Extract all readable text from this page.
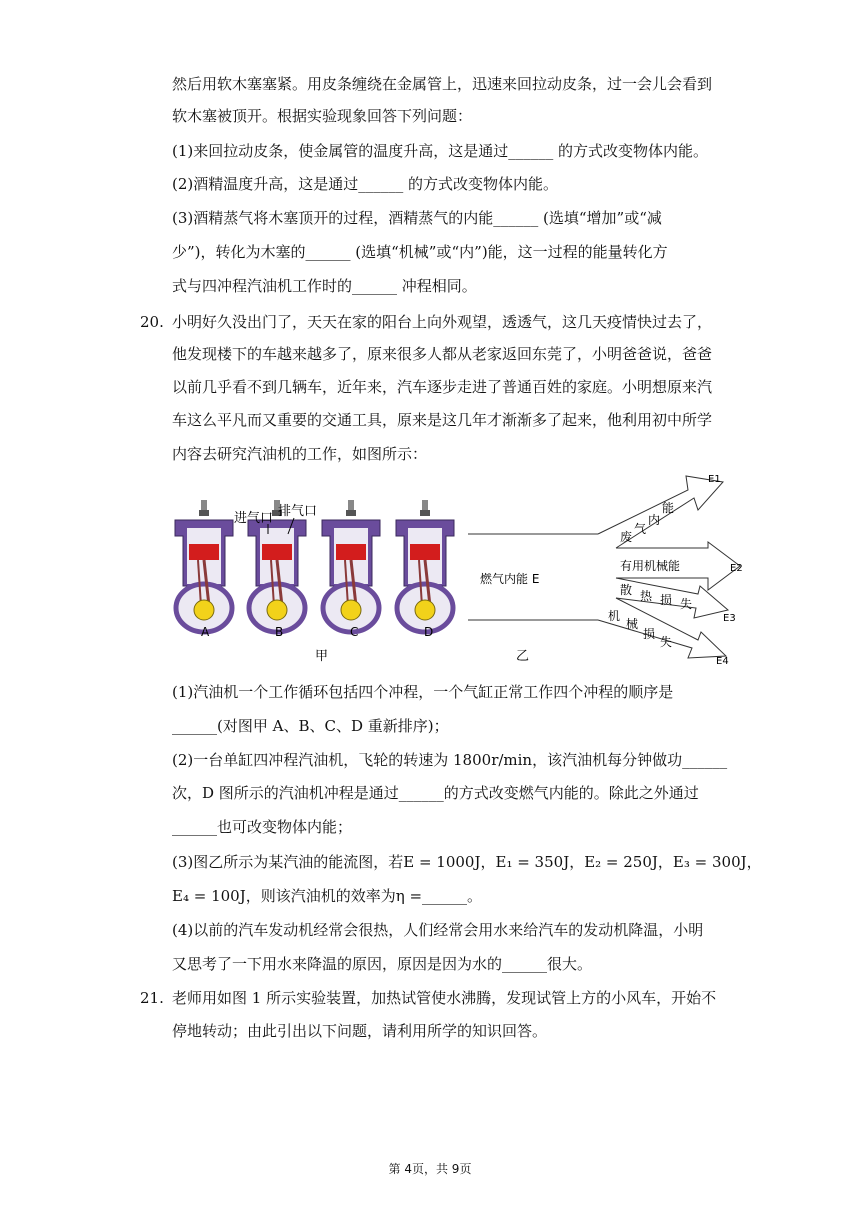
然后用软木塞塞紧。用皮条缠绕在金属管上，迅速来回拉动皮条，过一会儿会看到
软木塞被顶开。根据实验现象回答下列问题：
(1)来回拉动皮条，使金属管的温度升高，这是通过______ 的方式改变物体内能。
(2)酒精温度升高，这是通过______ 的方式改变物体内能。
(3)酒精蒸气将木塞顶开的过程，酒精蒸气的内能______ (选填“增加”或“减
少”)，转化为木塞的______ (选填“机械”或“内”)能，这一过程的能量转化方
式与四冲程汽油机工作时的______ 冲程相同。
20. 小明好久没出门了，天天在家的阳台上向外观望，透透气，这几天疫情快过去了，
他发现楼下的车越来越多了，原来很多人都从老家返回东莞了，小明爸爸说，爸爸
以前几乎看不到几辆车，近年来，汽车逐步走进了普通百姓的家庭。小明想原来汽
车这么平凡而又重要的交通工具，原来是这几年才渐渐多了起来，他利用初中所学
内容去研究汽油机的工作，如图所示：
进气口 排气口
A	B	C	D
甲
燃气内能 E
废
气
内
能
有用机械能
散 热 损 失
机
械
损
失
E1
E2
E3
E4
乙
(1)汽油机一个工作循环包括四个冲程，一个气缸正常工作四个冲程的顺序是
______(对图甲 A、B、C、D 重新排序)；
(2)一台单缸四冲程汽油机，飞轮的转速为 1800r/min，该汽油机每分钟做功______
次，D 图所示的汽油机冲程是通过______的方式改变燃气内能的。除此之外通过
______也可改变物体内能；
(3)图乙所示为某汽油的能流图，若E = 1000J，E₁ = 350J，E₂ = 250J，E₃ = 300J，
E₄ = 100J，则该汽油机的效率为η =______。
(4)以前的汽车发动机经常会很热，人们经常会用水来给汽车的发动机降温，小明
又思考了一下用水来降温的原因，原因是因为水的______很大。
21. 老师用如图 1 所示实验装置，加热试管使水沸腾，发现试管上方的小风车，开始不
停地转动；由此引出以下问题，请利用所学的知识回答。
第 4页，共 9页
